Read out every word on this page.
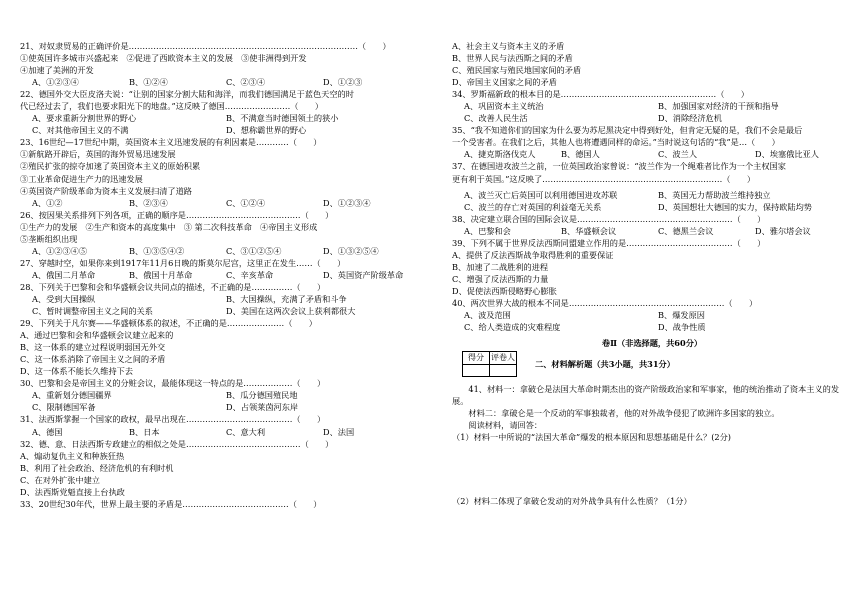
21、对奴隶贸易的正确评价是…………………………………………………………………………（　　）
①使英国许多城市兴盛起来　②促进了西欧资本主义的发展　③使非洲得到开发
④加速了美洲的开发
A、①②③④	B、①②④	C、②③④	D、①②③
22、德国外交大臣皮洛夫说：“让别的国家分割大陆和海洋，而我们德国满足于蓝色天空的时
代已经过去了，我们也要求阳光下的地盘。”这反映了德国……………………（　　）
A、要求重新分割世界的野心	B、不满意当时德国领土的狭小
C、对其他帝国主义的不满	D、想称霸世界的野心
23、16世纪—17世纪中期，英国资本主义迅速发展的有利因素是…………（　　）
①新航路开辟后，英国的海外贸易迅速发展
②殖民扩张的掠夺加速了英国资本主义的原始积累
③工业革命促进生产力的迅速发展
④英国资产阶级革命为资本主义发展扫清了道路
A、①②	B、②③④	C、①②④	D、①②③④
26、按因果关系排列下列各项，正确的顺序是……………………………………（　　）
①生产力的发展　②生产和资本的高度集中　③ 第二次科技革命　④帝国主义形成
⑤垄断组织出现
A、①②③④⑤	B、①③⑤④②	C、③①②⑤④	D、①③②⑤④
27、穿越时空，如果你来到1917年11月6日晚的斯莫尔尼宫，这里正在发生……（　　）
A、俄国二月革命	B、俄国十月革命	C、辛亥革命	D、英国资产阶级革命
28、下列关于巴黎和会和华盛顿会议共同点的描述，不正确的是……………（　　）
A、受到大国操纵	B、大国操纵，充满了矛盾和斗争
C、暂时调整帝国主义之间的关系	D、美国在这两次会议上获利都很大
29、下列关于凡尔赛——华盛顿体系的叙述，不正确的是…………………（　　）
A、通过巴黎和会和华盛顿会议建立起来的
B、这一体系的建立过程说明弱国无外交
C、这一体系消除了帝国主义之间的矛盾
D、这一体系不能长久维持下去
30、巴黎和会是帝国主义的分赃会议，最能体现这一特点的是………………（　　）
A、重新划分德国疆界	B、瓜分德国殖民地
C、限制德国军备	D、占领莱茵河东岸
31、法西斯掌握一个国家的政权，最早出现在…………………………………（　　）
A、德国	B、日本	C、意大利	D、法国
32、德、意、日法西斯专政建立的相似之处是……………………………………（　　）
A、煽动复仇主义和种族狂热
B、利用了社会政治、经济危机的有利时机
C、在对外扩张中建立
D、法西斯党魁直接上台执政
33、20世纪30年代，世界上最主要的矛盾是…………………………………（　　）
A、社会主义与资本主义的矛盾
B、世界人民与法西斯之间的矛盾
C、殖民国家与殖民地国家间的矛盾
D、帝国主义国家之间的矛盾
34、罗斯福新政的根本目的是…………………………………………………（　　）
A、巩固资本主义统治	B、加强国家对经济的干预和指导
C、改善人民生活	D、消除经济危机
35、“我不知道你们的国家为什么要为苏尼黑决定中得到好处，但肯定无疑的是，我们不会是最后
一个受害者。在我们之后，其他人也将遭遇同样的命运。”当时说这句话的“我”是…（　　）
A、捷克斯洛伐克人	B、德国人	C、波兰人	D、埃塞俄比亚人
37、在德国进攻波兰之前，一位英国政治家曾说：“波兰作为一个绳难者比作为一个主权国家
更有利于英国。”这反映了…………………………………………………………（　　）
A、波兰灭亡后英国可以利用德国进攻苏联	B、英国无力帮助波兰维持独立
C、波兰的存亡对英国的利益毫无关系	D、英国想壮大德国的实力，保持欧陆均势
38、决定建立联合国的国际会议是…………………………………………………（　　）
A、巴黎和会	B、华盛顿会议	C、德黑兰会议	D、雅尔塔会议
39、下列不属于世界反法西斯同盟建立作用的是…………………………………（　　）
A、提供了反法西斯战争取得胜利的重要保证
B、加速了二战胜利的进程
C、增强了反法西斯的力量
D、促使法西斯侵略野心膨胀
40、两次世界大战的根本不同是…………………………………………………（　　）
A、波及范围	B、爆发原因
C、给人类造成的灾难程度	D、战争性质
卷Ⅱ（非选择题，共60分）
得分	评卷人

二、材料解析题（共3小题，共31分）
41、材料一：拿破仑是法国大革命时期杰出的资产阶级政治家和军事家，他的统治推动了资本主义的发展。
材料二：拿破仑是一个反动的军事独裁者，他的对外战争侵犯了欧洲许多国家的独立。
阅读材料，请回答：
（1）材料一中所说的“法国大革命”爆发的根本原因和思想基础是什么？(2分)
（2）材料二体现了拿破仑发动的对外战争具有什么性质？（1分）
